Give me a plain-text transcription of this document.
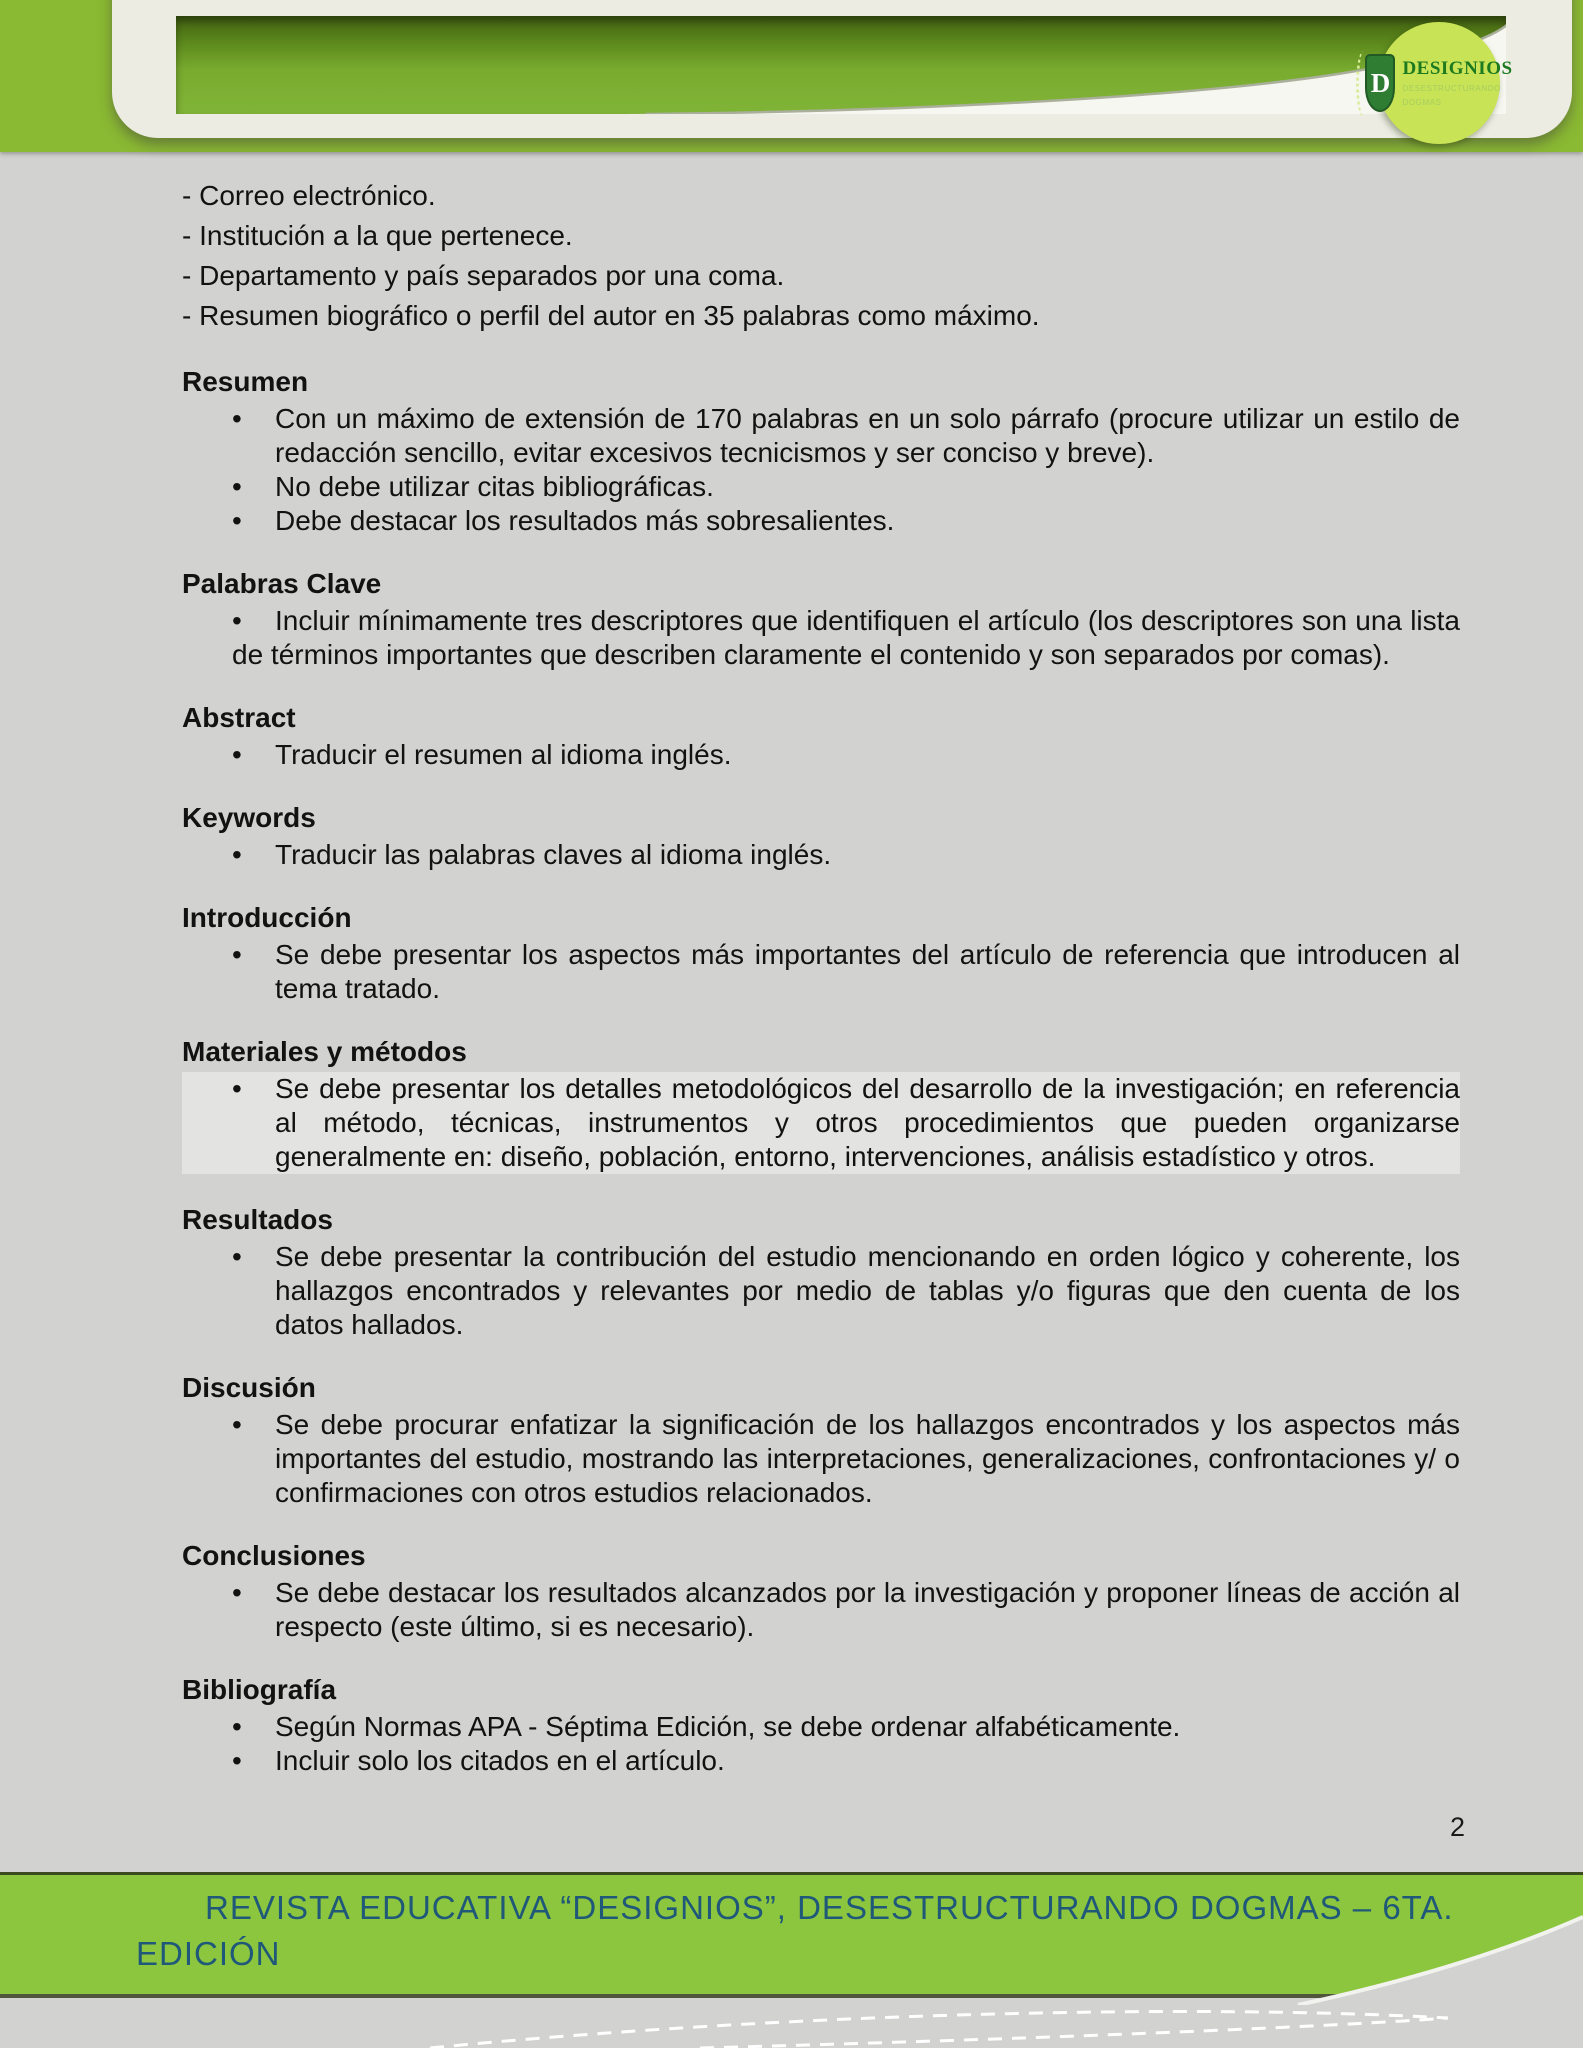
D DESIGNIOS
DESESTRUCTURANDO
DOGMAS
- Correo electrónico.
- Institución a la que pertenece.
- Departamento y país separados por una coma.
- Resumen biográfico o perfil del autor en 35 palabras como máximo.
Resumen
• Con un máximo de extensión de 170 palabras en un solo párrafo (procure utilizar un estilo de redacción sencillo, evitar excesivos tecnicismos y ser conciso y breve).
• No debe utilizar citas bibliográficas.
• Debe destacar los resultados más sobresalientes.
Palabras Clave
• Incluir mínimamente tres descriptores que identifiquen el artículo (los descriptores son una lista de términos importantes que describen claramente el contenido y son separados por comas).
Abstract
• Traducir el resumen al idioma inglés.
Keywords
• Traducir las palabras claves al idioma inglés.
Introducción
• Se debe presentar los aspectos más importantes del artículo de referencia que introducen al tema tratado.
Materiales y métodos
• Se debe presentar los detalles metodológicos del desarrollo de la investigación; en referencia al método, técnicas, instrumentos y otros procedimientos que pueden organizarse generalmente en: diseño, población, entorno, intervenciones, análisis estadístico y otros.
Resultados
• Se debe presentar la contribución del estudio mencionando en orden lógico y coherente, los hallazgos encontrados y relevantes por medio de tablas y/o figuras que den cuenta de los datos hallados.
Discusión
• Se debe procurar enfatizar la significación de los hallazgos encontrados y los aspectos más importantes del estudio, mostrando las interpretaciones, generalizaciones, confrontaciones y/ o confirmaciones con otros estudios relacionados.
Conclusiones
• Se debe destacar los resultados alcanzados por la investigación y proponer líneas de acción al respecto (este último, si es necesario).
Bibliografía
• Según Normas APA - Séptima Edición, se debe ordenar alfabéticamente.
• Incluir solo los citados en el artículo.
2
REVISTA EDUCATIVA “DESIGNIOS”, DESESTRUCTURANDO DOGMAS – 6TA.
EDICIÓN
